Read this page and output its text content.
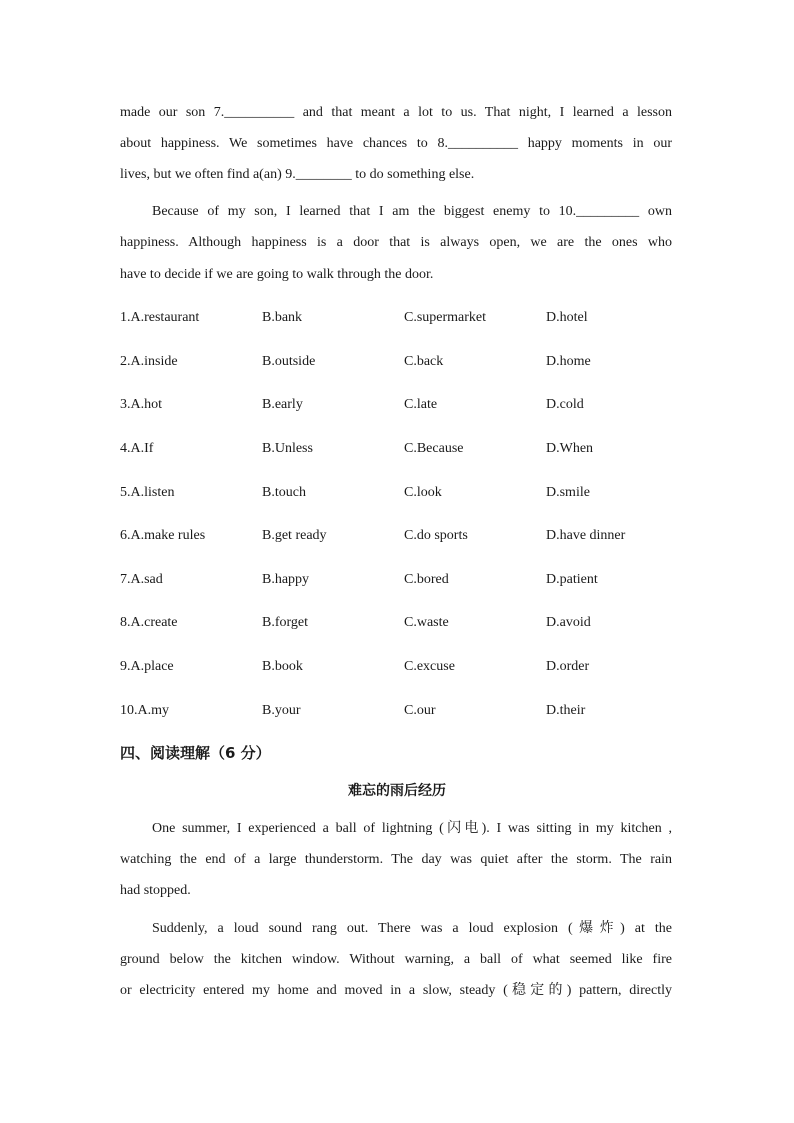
made our son 7.__________ and that meant a lot to us. That night, I learned a lesson
about happiness. We sometimes have chances to 8.__________ happy moments in our
lives, but we often find a(an) 9.________ to do something else.
Because of my son, I learned that I am the biggest enemy to 10._________ own
happiness. Although happiness is a door that is always open, we are the ones who
have to decide if we are going to walk through the door.
1.A.restaurant	B.bank	C.supermarket	D.hotel
2.A.inside	B.outside	C.back	D.home
3.A.hot	B.early	C.late	D.cold
4.A.If	B.Unless	C.Because	D.When
5.A.listen	B.touch	C.look	D.smile
6.A.make rules	B.get ready	C.do sports	D.have dinner
7.A.sad	B.happy	C.bored	D.patient
8.A.create	B.forget	C.waste	D.avoid
9.A.place	B.book	C.excuse	D.order
10.A.my	B.your	C.our	D.their
四、阅读理解（6 分）
难忘的雨后经历
One summer, I experienced a ball of lightning (闪电). I was sitting in my kitchen ,
watching the end of a large thunderstorm. The day was quiet after the storm. The rain
had stopped.
Suddenly, a loud sound rang out. There was a loud explosion (爆炸) at the
ground below the kitchen window. Without warning, a ball of what seemed like fire
or electricity entered my home and moved in a slow, steady (稳定的) pattern, directly
